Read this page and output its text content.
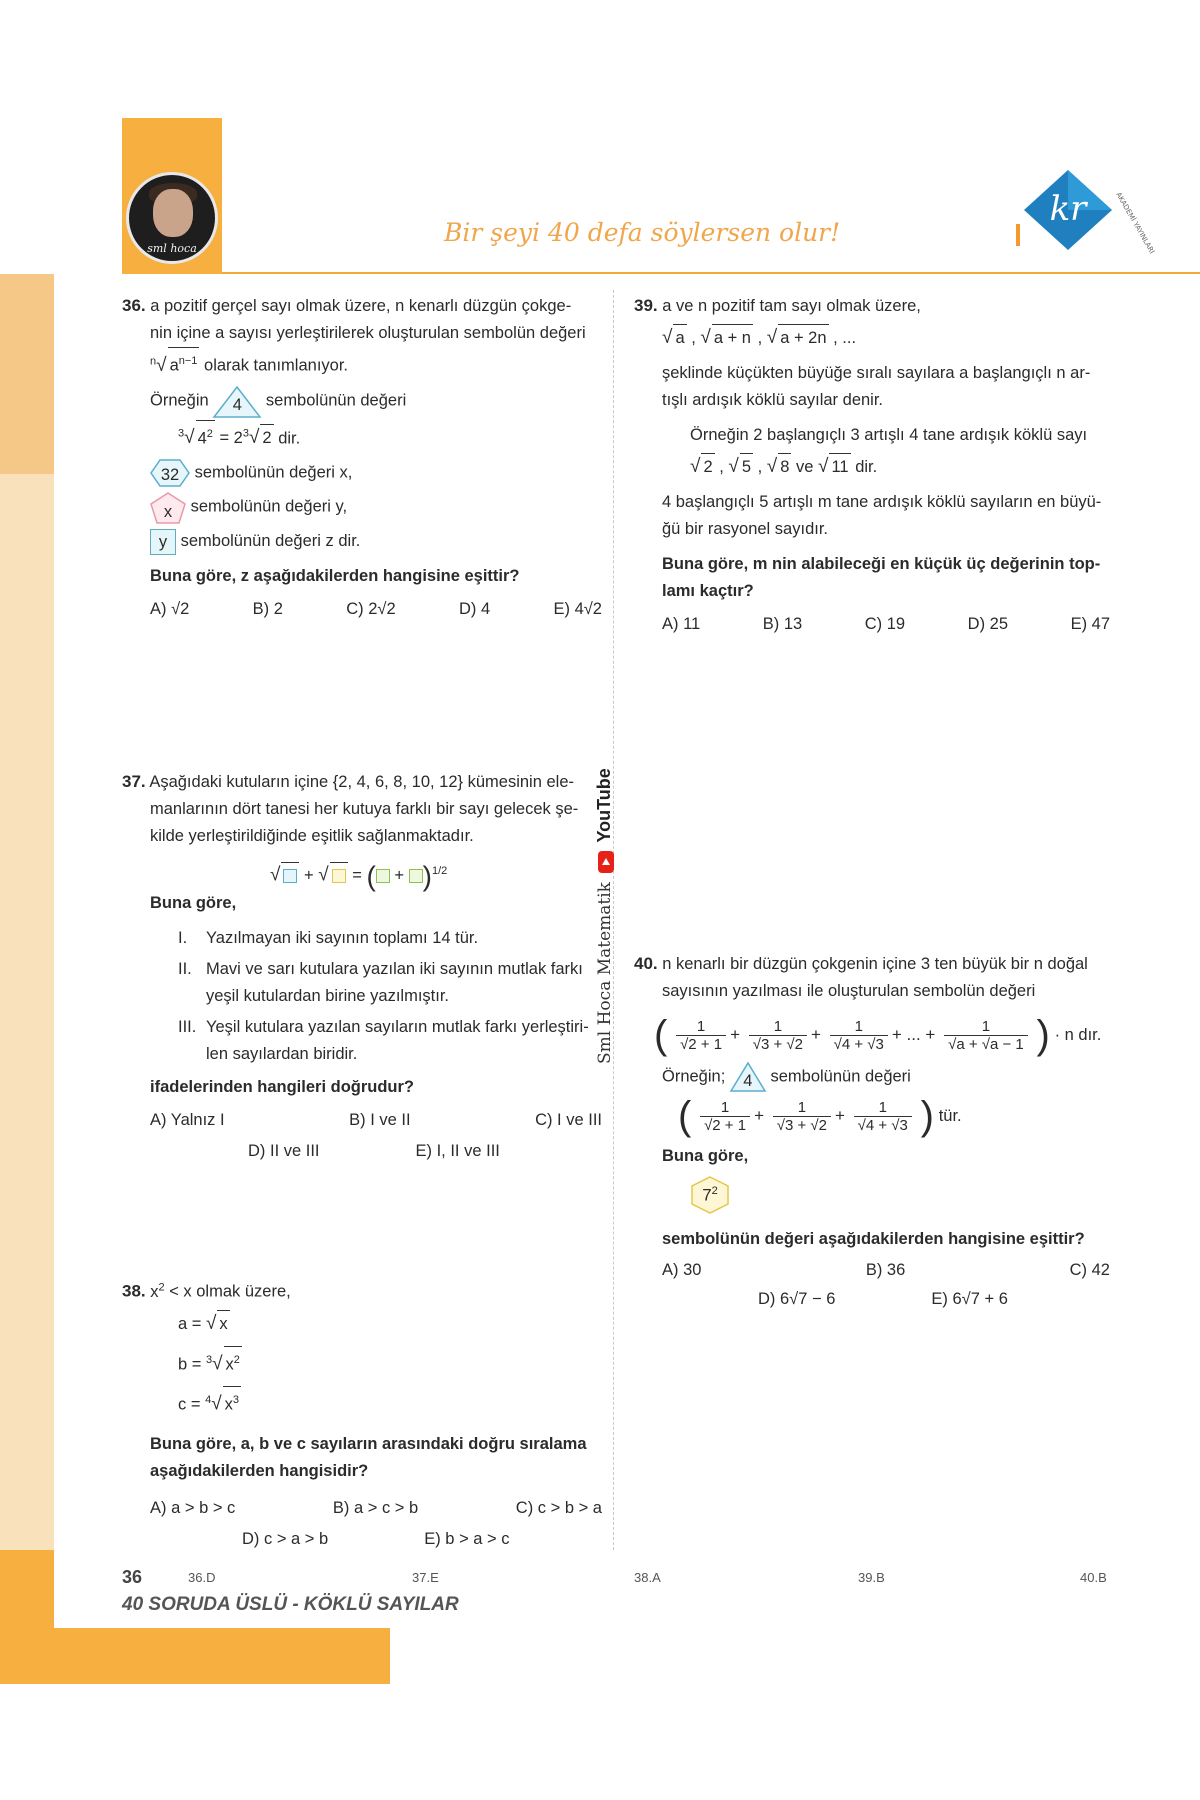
sml hoca
Bir şeyi 40 defa söylersen olur!
kr	AKADEMİ YAYINLARI
36. a pozitif gerçel sayı olmak üzere, n kenarlı düzgün çokge-
nin içine a sayısı yerleştirilerek oluşturulan sembolün değeri
$^n$√ $a^{n-1}$ olarak tanımlanıyor.
Örneğin	4	sembolünün değeri
$^3$√ $4^2 = 2^3√$ 2 dir.
32 sembolünün değeri x,
x	sembolünün değeri y,
y sembolünün değeri z dir.
Buna göre, z aşağıdakilerden hangisine eşittir?
A) √2	B) 2	C) 2√2	D) 4	E) 4√2
39. a ve n pozitif tam sayı olmak üzere,
√ a , √ a + n , √ a + 2n , ...
şeklinde küçükten büyüğe sıralı sayılara a başlangıçlı n ar-
tışlı ardışık köklü sayılar denir.
Örneğin 2 başlangıçlı 3 artışlı 4 tane ardışık köklü sayı
√ 2 , √ 5 , √ 8 ve √ 11 dir.
4 başlangıçlı 5 artışlı m tane ardışık köklü sayıların en büyü-
ğü bir rasyonel sayıdır.
Buna göre, m nin alabileceği en küçük üç değerinin top-
lamı kaçtır?
A) 11	B) 13	C) 19	D) 25	E) 47
37. Aşağıdaki kutuların içine {2, 4, 6, 8, 10, 12} kümesinin ele-
manlarının dört tanesi her kutuya farklı bir sayı gelecek şe-
kilde yerleştirildiğinde eşitlik sağlanmaktadır.
√ + √ = ( + )$^{1/2}$
Buna göre,
I. Yazılmayan iki sayının toplamı 14 tür.
II. Mavi ve sarı kutulara yazılan iki sayının mutlak farkı
yeşil kutulardan birine yazılmıştır.
III. Yeşil kutulara yazılan sayıların mutlak farkı yerleştiri-
len sayılardan biridir.
ifadelerinden hangileri doğrudur?
A) Yalnız I	B) I ve II	C) I ve III
D) II ve III	E) I, II ve III
Sml Hoca Matematik  YouTube
40. n kenarlı bir düzgün çokgenin içine 3 ten büyük bir n doğal
sayısının yazılması ile oluşturulan sembolün değeri
( $\frac{1}{√2 + 1} + \frac{1}{√3 + √2} + \frac{1}{√4 + √3}$ + ... + $\frac{1}{√a + √a - 1}$ ) · n dır.
Örneğin;	4	sembolünün değeri
( $\frac{1}{√2 + 1} + \frac{1}{√3 + √2} + \frac{1}{√4 + √3}$ ) tür.
Buna göre,
$7^2$
sembolünün değeri aşağıdakilerden hangisine eşittir?
A) 30	B) 36	C) 42
D) 6√7 − 6	E) 6√7 + 6
38. $x^2 < x$ olmak üzere,
a = √ x
b = $^3$√ $x^2$
c = $^4$√ $x^3$
Buna göre, a, b ve c sayıların arasındaki doğru sıralama
aşağıdakilerden hangisidir?
A) a > b > c	B) a > c > b	C) c > b > a
D) c > a > b	E) b > a > c
36
40 SORUDA ÜSLÜ - KÖKLÜ SAYILAR
36.D	37.E	38.A	39.B	40.B
